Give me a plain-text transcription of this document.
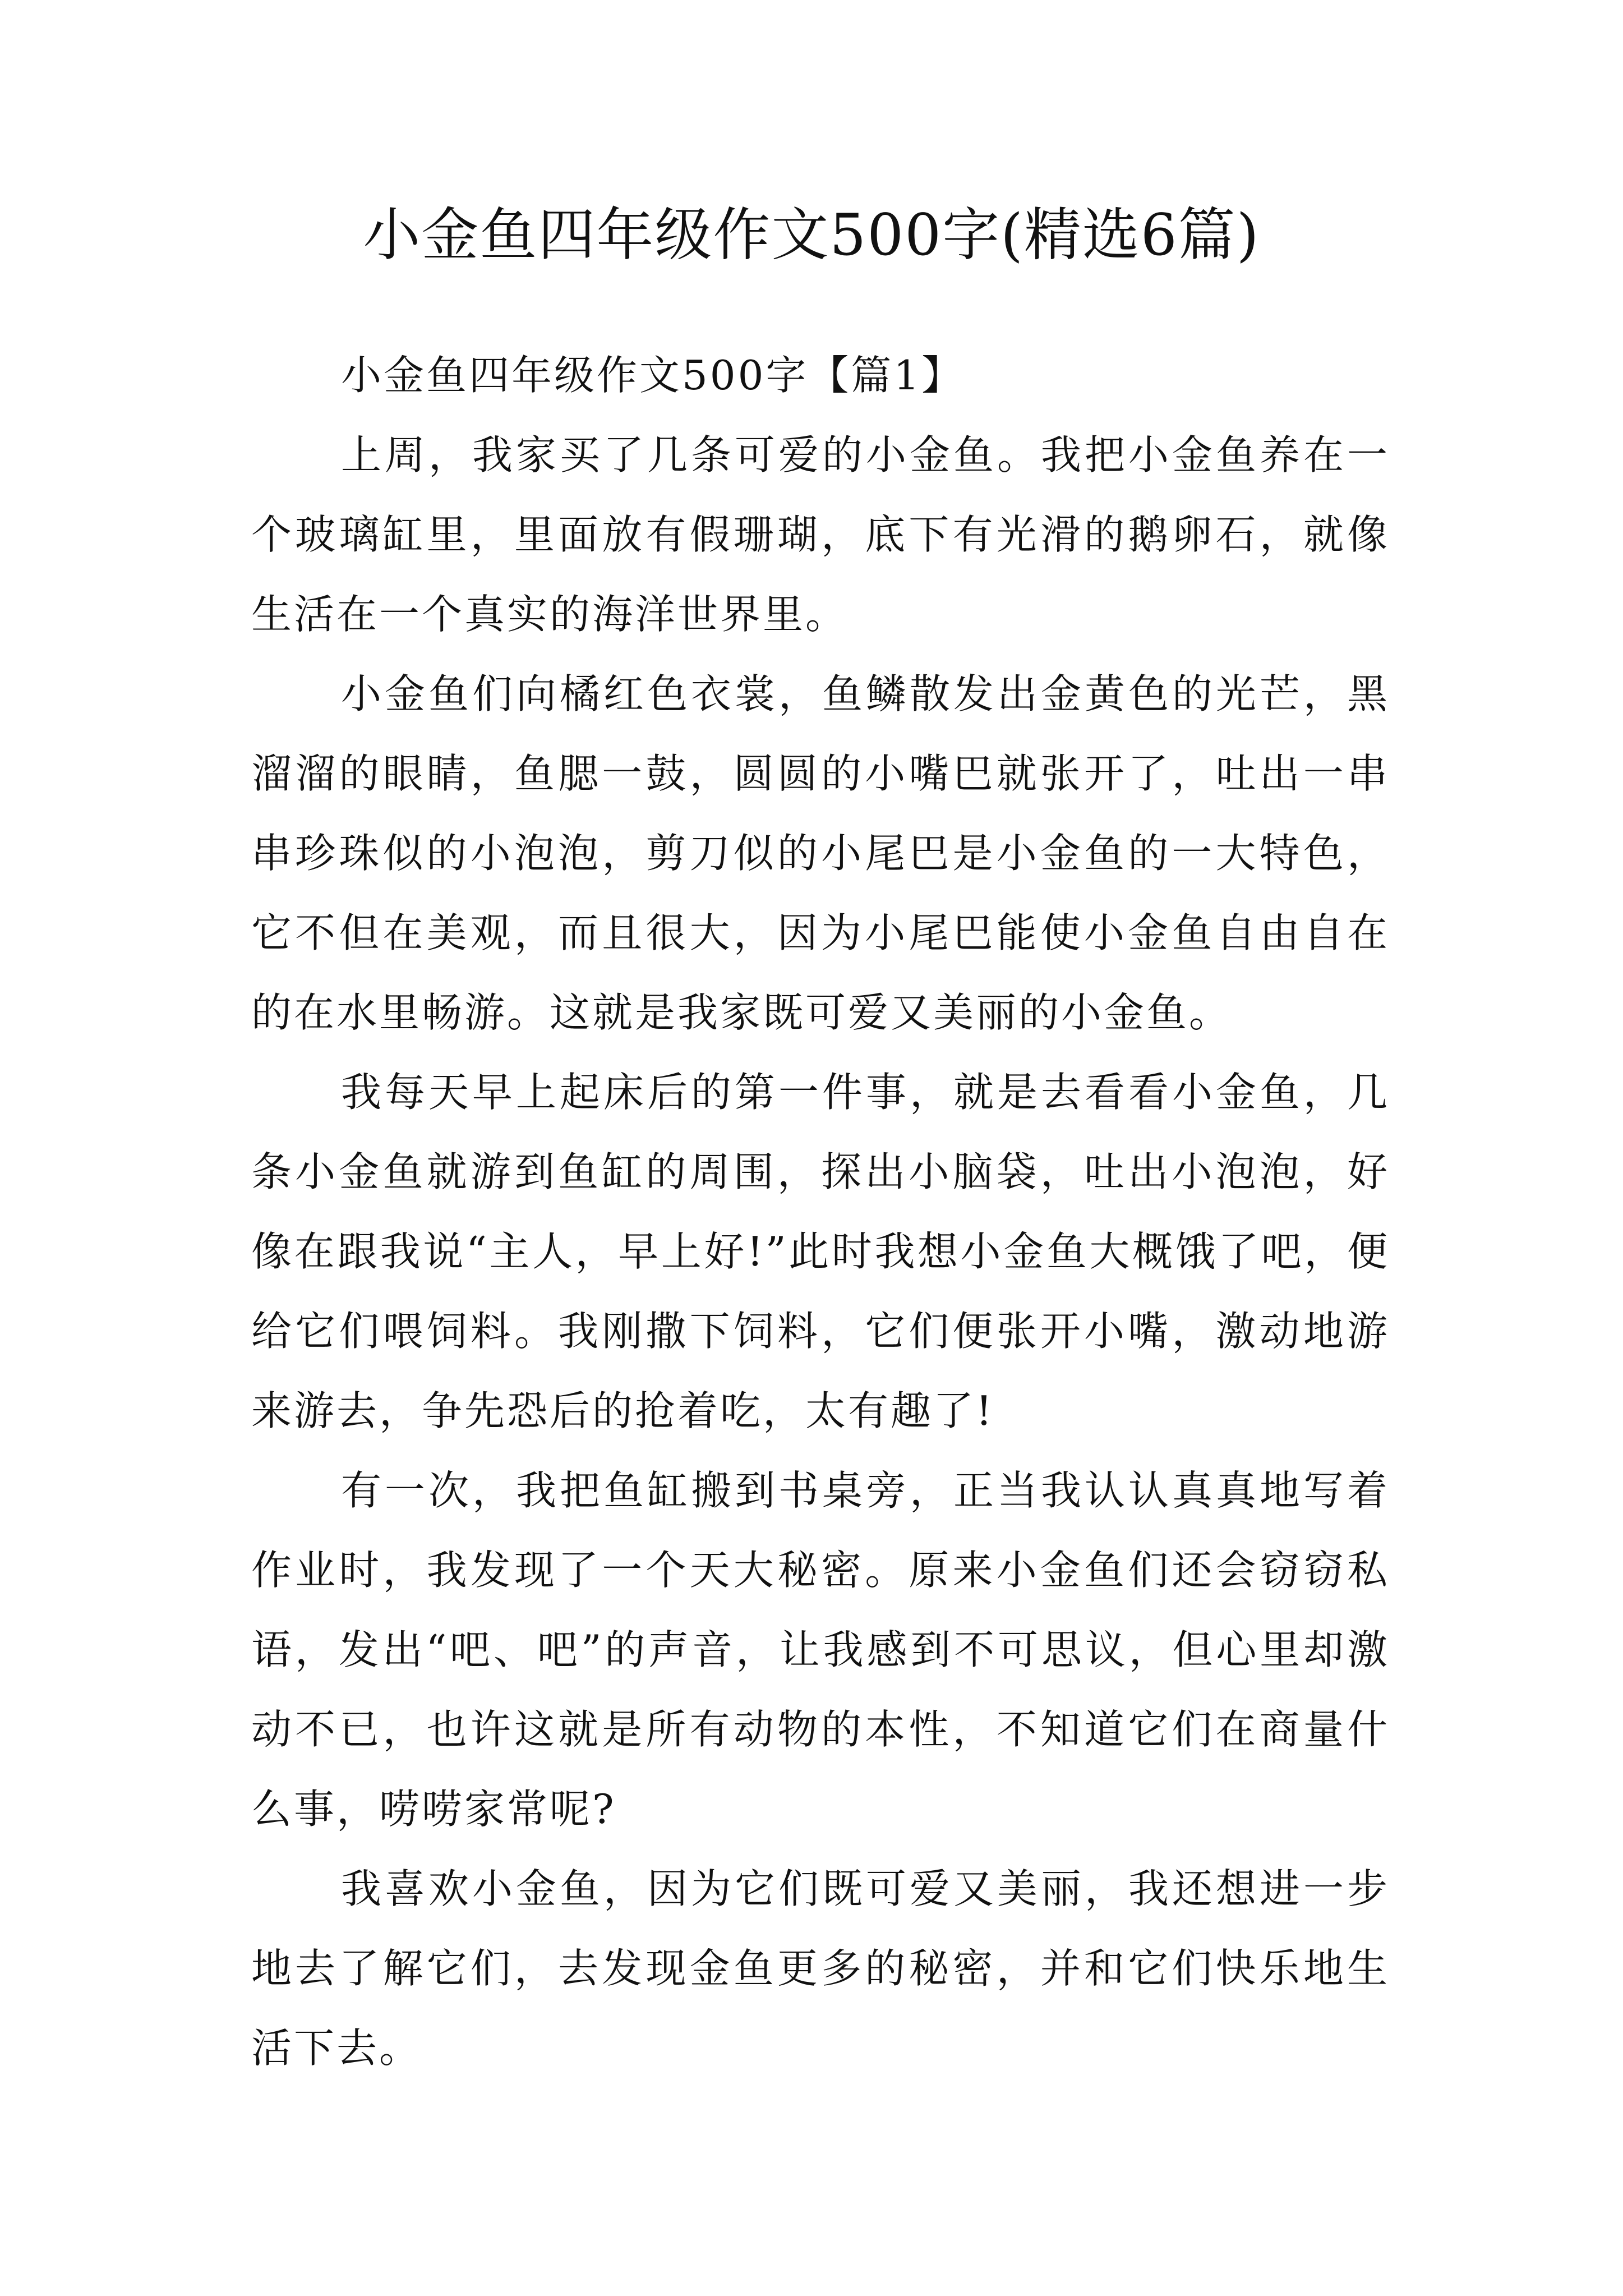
小金鱼四年级作文500字(精选6篇)

小金鱼四年级作文500字【篇1】

上周，我家买了几条可爱的小金鱼。我把小金鱼养在一个玻璃缸里，里面放有假珊瑚，底下有光滑的鹅卵石，就像生活在一个真实的海洋世界里。

小金鱼们向橘红色衣裳，鱼鳞散发出金黄色的光芒，黑溜溜的眼睛，鱼腮一鼓，圆圆的小嘴巴就张开了，吐出一串串珍珠似的小泡泡，剪刀似的小尾巴是小金鱼的一大特色，它不但在美观，而且很大，因为小尾巴能使小金鱼自由自在的在水里畅游。这就是我家既可爱又美丽的小金鱼。

我每天早上起床后的第一件事，就是去看看小金鱼，几条小金鱼就游到鱼缸的周围，探出小脑袋，吐出小泡泡，好像在跟我说“主人，早上好!”此时我想小金鱼大概饿了吧，便给它们喂饲料。我刚撒下饲料，它们便张开小嘴，激动地游来游去，争先恐后的抢着吃，太有趣了!

有一次，我把鱼缸搬到书桌旁，正当我认认真真地写着作业时，我发现了一个天大秘密。原来小金鱼们还会窃窃私语，发出“吧、吧”的声音，让我感到不可思议，但心里却激动不已，也许这就是所有动物的本性，不知道它们在商量什么事，唠唠家常呢?

我喜欢小金鱼，因为它们既可爱又美丽，我还想进一步地去了解它们，去发现金鱼更多的秘密，并和它们快乐地生活下去。
